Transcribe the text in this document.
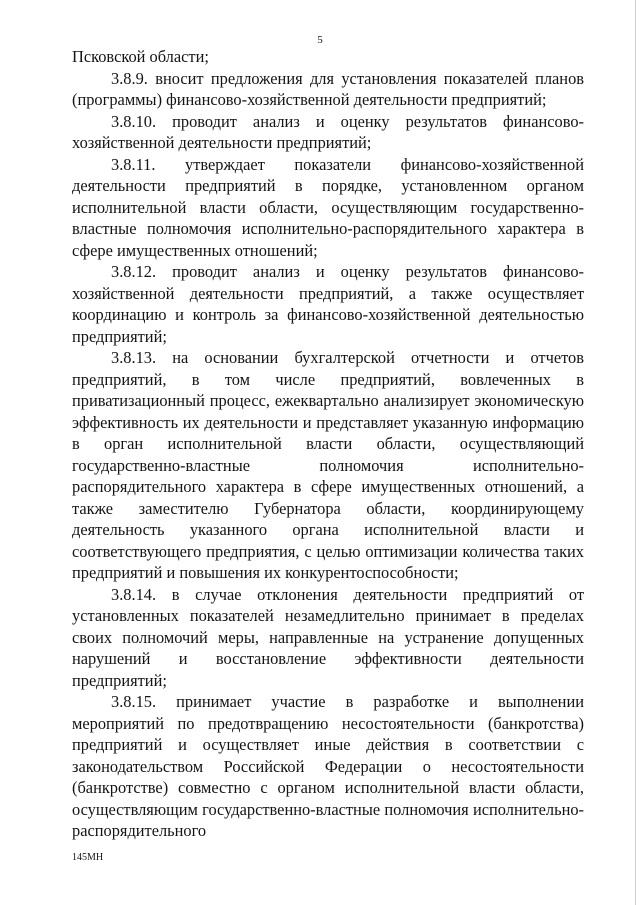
5

Псковской области;

3.8.9. вносит предложения для установления показателей планов (программы) финансово-хозяйственной деятельности предприятий;

3.8.10. проводит анализ и оценку результатов финансово-хозяйственной деятельности предприятий;

3.8.11. утверждает показатели финансово-хозяйственной деятельности предприятий в порядке, установленном органом исполнительной власти области, осуществляющим государственно-властные полномочия исполнительно-распорядительного характера в сфере имущественных отношений;

3.8.12. проводит анализ и оценку результатов финансово-хозяйственной деятельности предприятий, а также осуществляет координацию и контроль за финансово-хозяйственной деятельностью предприятий;

3.8.13. на основании бухгалтерской отчетности и отчетов предприятий, в том числе предприятий, вовлеченных в приватизационный процесс, ежеквартально анализирует экономическую эффективность их деятельности и представляет указанную информацию в орган исполнительной власти области, осуществляющий государственно-властные полномочия исполнительно-распорядительного характера в сфере имущественных отношений, а также заместителю Губернатора области, координирующему деятельность указанного органа исполнительной власти и соответствующего предприятия, с целью оптимизации количества таких предприятий и повышения их конкурентоспособности;

3.8.14. в случае отклонения деятельности предприятий от установленных показателей незамедлительно принимает в пределах своих полномочий меры, направленные на устранение допущенных нарушений и восстановление эффективности деятельности предприятий;

3.8.15. принимает участие в разработке и выполнении мероприятий по предотвращению несостоятельности (банкротства) предприятий и осуществляет иные действия в соответствии с законодательством Российской Федерации о несостоятельности (банкротстве) совместно с органом исполнительной власти области, осуществляющим государственно-властные полномочия исполнительно-распорядительного

145МН
